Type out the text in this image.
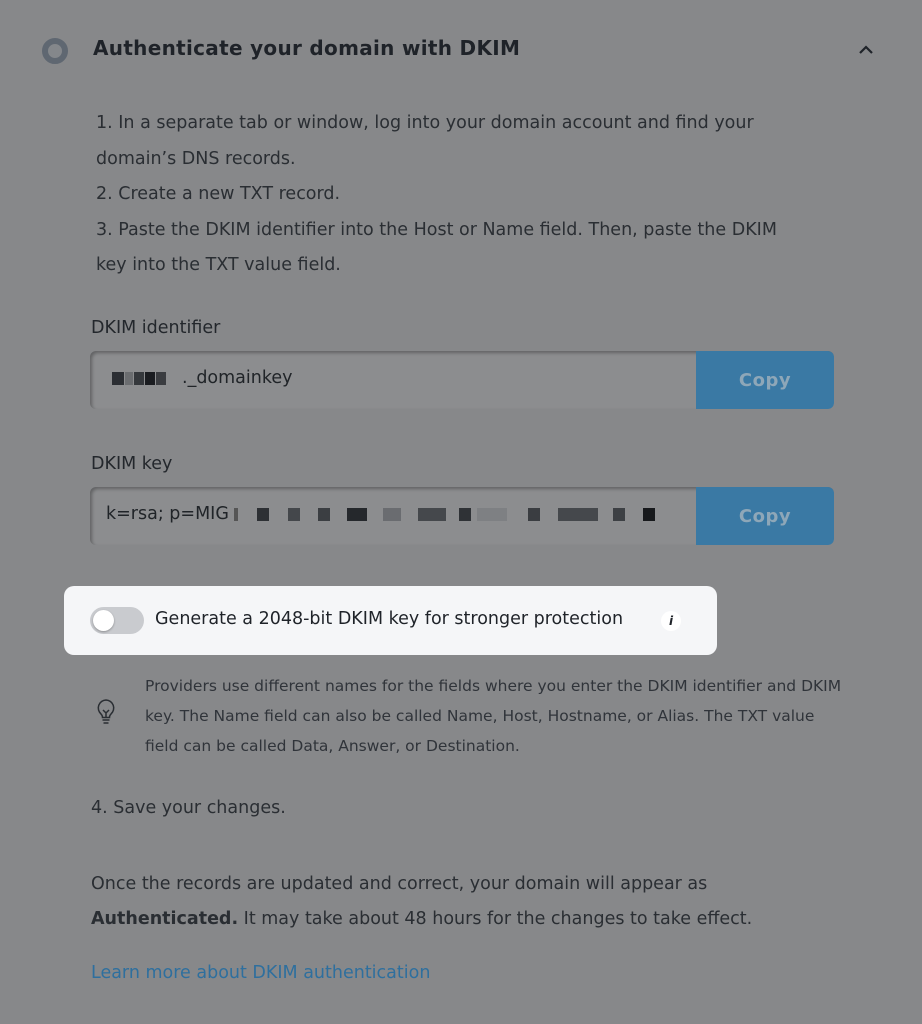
Authenticate your domain with DKIM
1. In a separate tab or window, log into your domain account and find your
domain’s DNS records.
2. Create a new TXT record.
3. Paste the DKIM identifier into the Host or Name field. Then, paste the DKIM
key into the TXT value field.
DKIM identifier
._domainkey	Copy
DKIM key
k=rsa; p=MIG	Copy
Generate a 2048-bit DKIM key for stronger protection	i
Providers use different names for the fields where you enter the DKIM identifier and DKIM key. The Name field can also be called Name, Host, Hostname, or Alias. The TXT value field can be called Data, Answer, or Destination.
4. Save your changes.
Once the records are updated and correct, your domain will appear as
Authenticated. It may take about 48 hours for the changes to take effect.
Learn more about DKIM authentication
